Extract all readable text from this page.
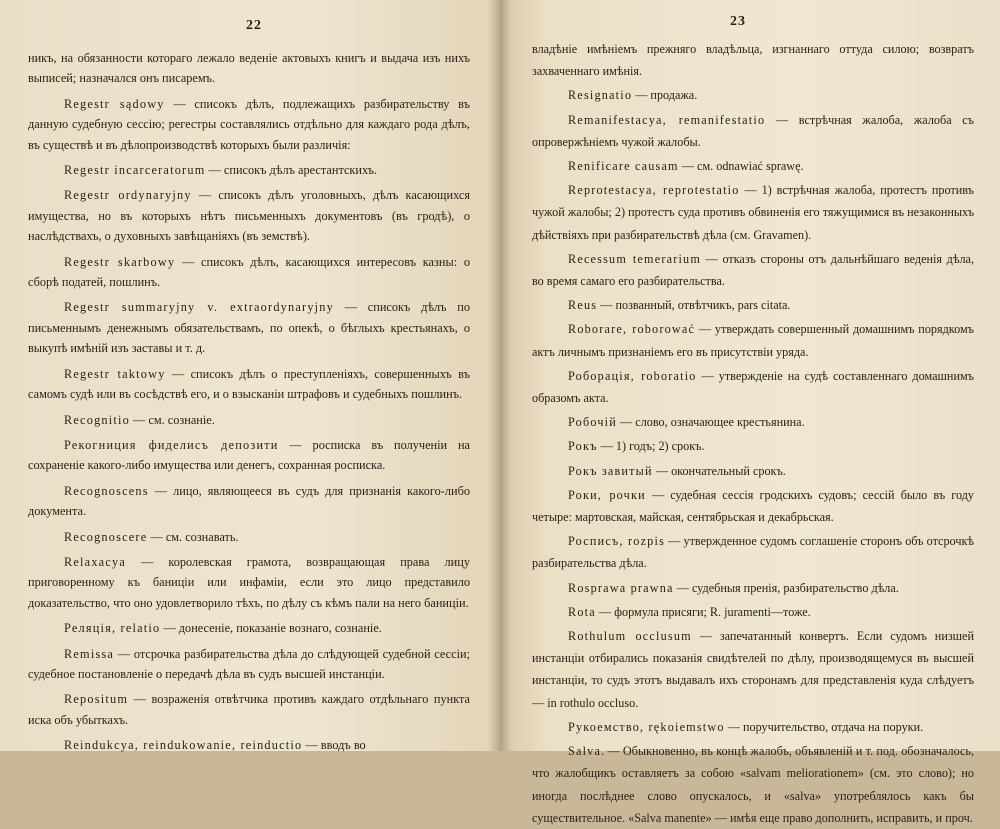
22

никъ, на обязанности котораго лежало веденіе актовыхъ книгъ и выдача изъ нихъ выписей; назначался онъ писаремъ.

Regestr sądowy — списокъ дѣлъ, подлежащихъ разбирательству въ данную судебную сессію; регестры составлялись отдѣльно для каждаго рода дѣлъ, въ существѣ и въ дѣлопроизводствѣ которыхъ были различія:

Regestr incarceratorum — списокъ дѣлъ арестантскихъ.

Regestr ordynaryjny — списокъ дѣлъ уголовныхъ, дѣлъ касающихся имущества, но въ которыхъ нѣтъ письменныхъ документовъ (въ гродѣ), о наслѣдствахъ, о духовныхъ завѣщаніяхъ (въ земствѣ).

Regestr skarbowy — списокъ дѣлъ, касающихся интересовъ казны: о сборѣ податей, пошлинъ.

Regestr summaryjny v. extraordynaryjny — списокъ дѣлъ по письменнымъ денежнымъ обязательствамъ, по опекѣ, о бѣглыхъ крестьянахъ, о выкупѣ имѣній изъ заставы и т. д.

Regestr taktowy — списокъ дѣлъ о преступленіяхъ, совершенныхъ въ самомъ судѣ или въ сосѣдствѣ его, и о взысканіи штрафовъ и судебныхъ пошлинъ.

Recognitio — см. сознаніе.

Рекогниция фиделисъ депозити — росписка въ полученіи на сохраненіе какого-либо имущества или денегъ, сохранная росписка.

Recognoscens — лицо, являющееся въ судъ для признанія какого-либо документа.

Recognoscere — см. сознавать.

Relaxacya — королевская грамота, возвращающая права лицу приговоренному къ баниціи или инфаміи, если это лицо представило доказательство, что оно удовлетворило тѣхъ, по дѣлу съ кѣмъ пали на него баниціи.

Реляція, relatio — донесеніе, показаніе вознаго, сознаніе.

Remissa — отсрочка разбирательства дѣла до слѣдующей судебной сессіи; судебное постановленіе о передачѣ дѣла въ судъ высшей инстанціи.

Repositum — возраженія отвѣтчика противъ каждаго отдѣльнаго пункта иска объ убыткахъ.

Reindukcya, reindukowanie, reinductio — вводъ во

23

владѣніе имѣніемъ прежняго владѣльца, изгнаннаго оттуда силою; возвратъ захваченнаго имѣнія.

Resignatio — продажа.

Remanifestacya, remanifestatio — встрѣчная жалоба, жалоба съ опровержѣніемъ чужой жалобы.

Renificare causam — см. odnawiać sprawę.

Reprotestacya, reprotestatio — 1) встрѣчная жалоба, протестъ противъ чужой жалобы; 2) протестъ суда противъ обвиненія его тяжущимися въ незаконныхъ дѣйствіяхъ при разбирательствѣ дѣла (см. Gravamen).

Recessum temerarium — отказъ стороны отъ дальнѣйшаго веденія дѣла, во время самаго его разбирательства.

Reus — позванный, отвѣтчикъ, pars citata.

Roborare, roborować — утверждать совершенный домашнимъ порядкомъ актъ личнымъ признаніемъ его въ присутствіи уряда.

Роборація, roboratio — утвержденіе на судѣ составленнаго домашнимъ образомъ акта.

Робочій — слово, означающее крестьянина.

Рокъ — 1) годъ; 2) срокъ.

Рокъ завитый — окончательный срокъ.

Роки, рочки — судебная сессія гродскихъ судовъ; сессій было въ году четыре: мартовская, майская, сентябрьская и декабрьская.

Росписъ, rozpis — утвержденное судомъ соглашеніе сторонъ объ отсрочкѣ разбирательства дѣла.

Rosprawa prawna — судебныя пренія, разбирательство дѣла.

Rota — формула присяги; R. juramenti—тоже.

Rothulum occlusum — запечатанный конвертъ. Если судомъ низшей инстанціи отбирались показанія свидѣтелей по дѣлу, производящемуся въ высшей инстанціи, то судъ этотъ выдавалъ ихъ сторонамъ для представленія куда слѣдуетъ — in rothulo occluso.

Рукоемство, rękoiemstwo — поручительство, отдача на поруки.

Salva. — Обыкновенно, въ концѣ жалобъ, объявленій и т. под. обозначалось, что жалобщикъ оставляетъ за собою «salvam meliorationem» (см. это слово); но иногда послѣднее слово опускалось, и «salva» употреблялось какъ бы существительное. «Salva manente» — имѣя еще право дополнить, исправить, и проч.
